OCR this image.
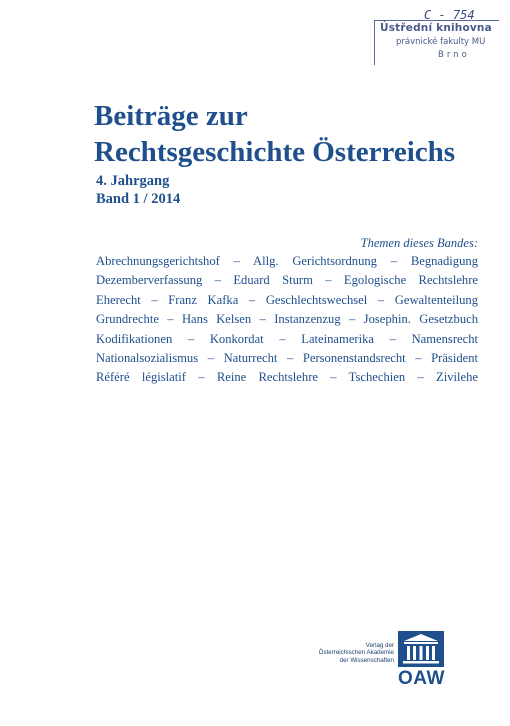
C - 754
Ústřední knihovna
právnické fakulty MU
Brno
Beiträge zur
Rechtsgeschichte Österreichs
4. Jahrgang
Band 1 / 2014
Themen dieses Bandes:
Abrechnungsgerichtshof – Allg. Gerichtsordnung – Begnadigung
Dezemberverfassung – Eduard Sturm – Egologische Rechtslehre
Eherecht – Franz Kafka – Geschlechtswechsel – Gewaltenteilung
Grundrechte – Hans Kelsen – Instanzenzug – Josephin. Gesetzbuch
Kodifikationen – Konkordat – Lateinamerika – Namensrecht
Nationalsozialismus – Naturrecht – Personenstandsrecht – Präsident
Référé législatif – Reine Rechtslehre – Tschechien – Zivilehe
Verlag der
Österreichischen Akademie
der Wissenschaften
OAW
